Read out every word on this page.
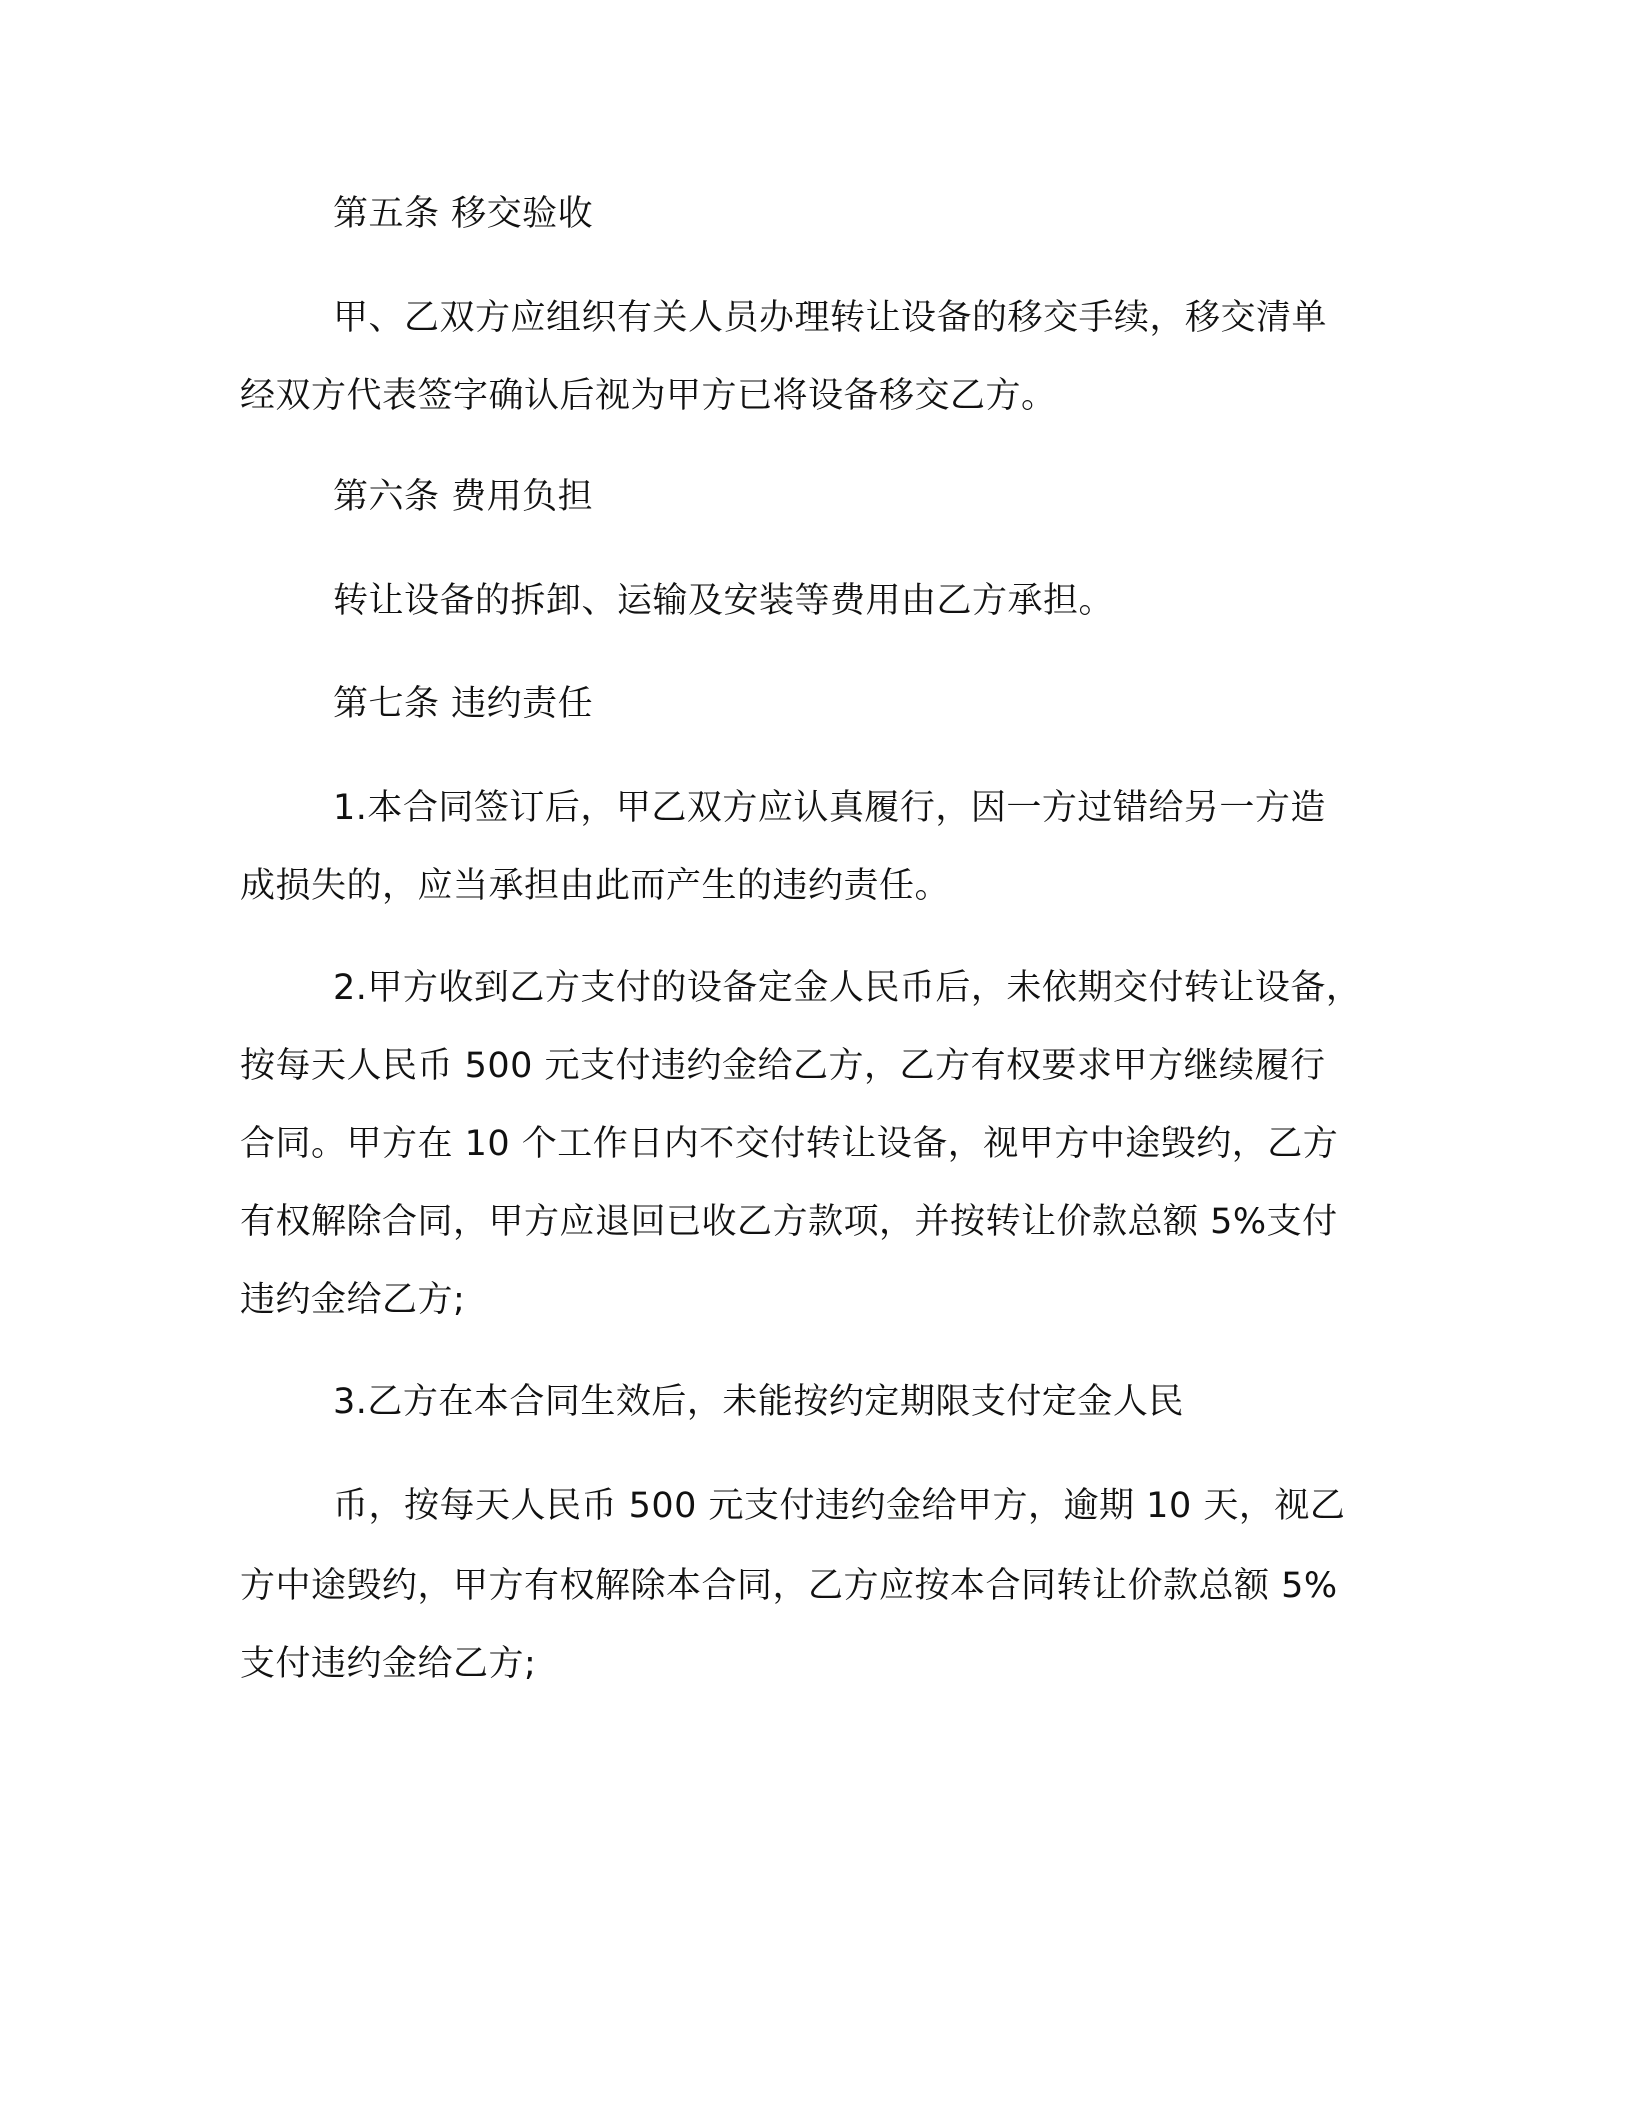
第五条 移交验收
甲、乙双方应组织有关人员办理转让设备的移交手续，移交清单
经双方代表签字确认后视为甲方已将设备移交乙方。
第六条 费用负担
转让设备的拆卸、运输及安装等费用由乙方承担。
第七条 违约责任
1.本合同签订后，甲乙双方应认真履行，因一方过错给另一方造
成损失的，应当承担由此而产生的违约责任。
2.甲方收到乙方支付的设备定金人民币后，未依期交付转让设备，
按每天人民币 500 元支付违约金给乙方，乙方有权要求甲方继续履行
合同。甲方在 10 个工作日内不交付转让设备，视甲方中途毁约，乙方
有权解除合同，甲方应退回已收乙方款项，并按转让价款总额 5%支付
违约金给乙方;
3.乙方在本合同生效后，未能按约定期限支付定金人民
币，按每天人民币 500 元支付违约金给甲方，逾期 10 天，视乙
方中途毁约，甲方有权解除本合同，乙方应按本合同转让价款总额 5%
支付违约金给乙方;
